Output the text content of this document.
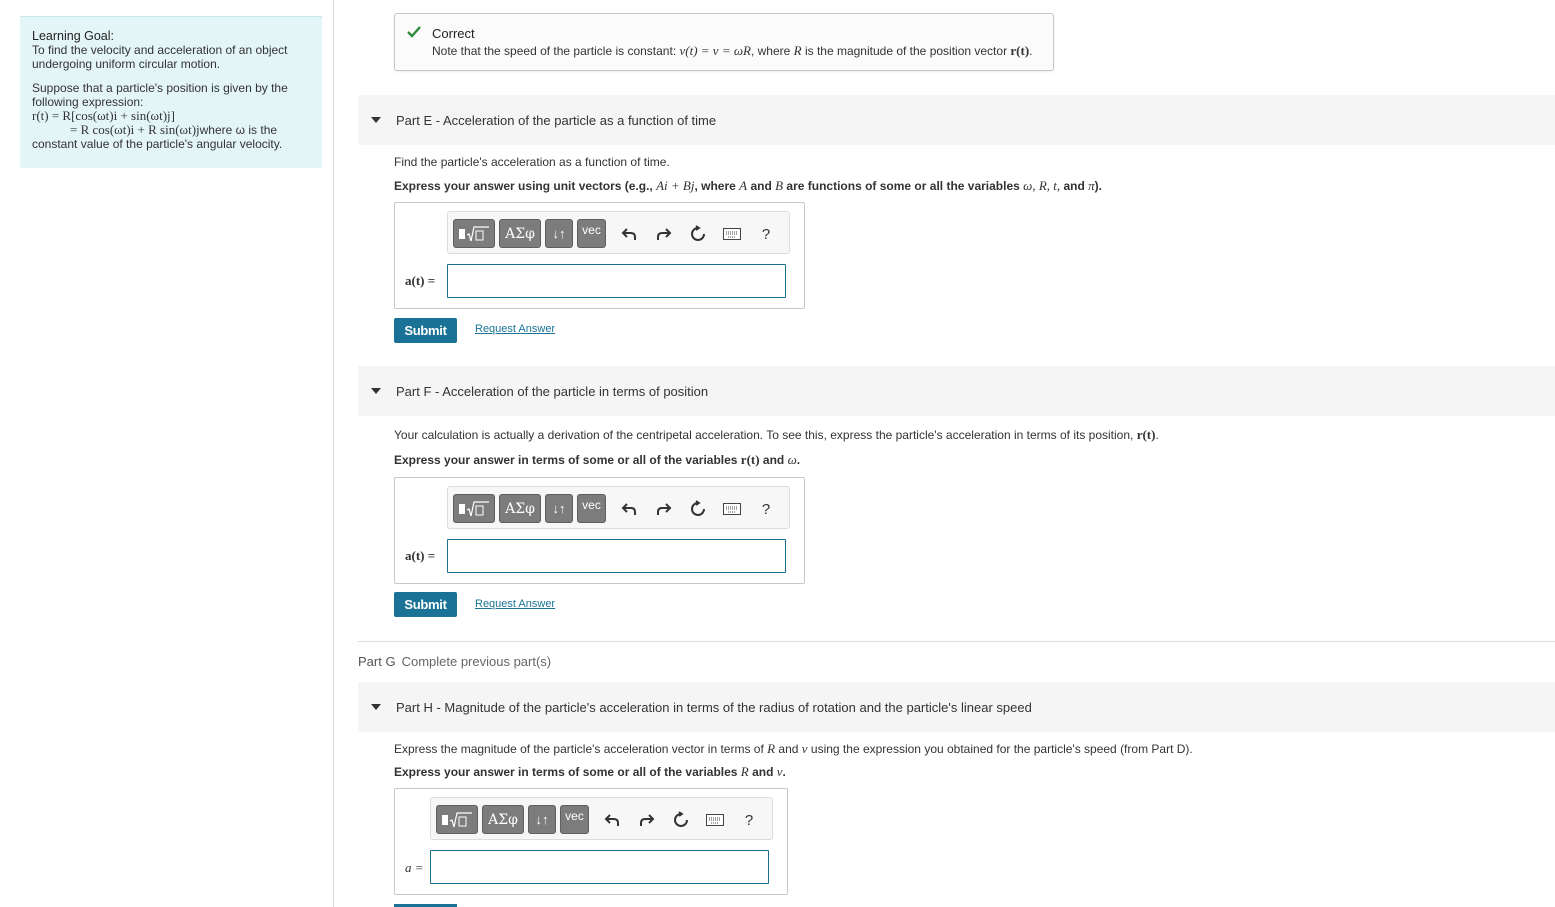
Learning Goal:

To find the velocity and acceleration of an object

undergoing uniform circular motion.

Suppose that a particle's position is given by the

following expression:

r(t) = R[cos(ωt)i + sin(ωt)j]

= R cos(ωt)i + R sin(ωt)jwhere ω is the

constant value of the particle's angular velocity.

Correct
Note that the speed of the particle is constant: v(t) = v = ωR, where R is the magnitude of the position vector r(t).
Part E - Acceleration of the particle as a function of time
Find the particle's acceleration as a function of time.
Express your answer using unit vectors (e.g., Ai + Bj, where A and B are functions of some or all the variables ω, R, t, and π).
ΑΣφ	↓↑	vec	?
a(t) =
Submit	Request Answer
Part F - Acceleration of the particle in terms of position
Your calculation is actually a derivation of the centripetal acceleration. To see this, express the particle's acceleration in terms of its position, r(t).
Express your answer in terms of some or all of the variables r(t) and ω.
ΑΣφ	↓↑	vec	?
a(t) =
Submit	Request Answer
Part G Complete previous part(s)
Part H - Magnitude of the particle's acceleration in terms of the radius of rotation and the particle's linear speed
Express the magnitude of the particle's acceleration vector in terms of R and v using the expression you obtained for the particle's speed (from Part D).
Express your answer in terms of some or all of the variables R and v.
ΑΣφ	↓↑	vec	?
a =
